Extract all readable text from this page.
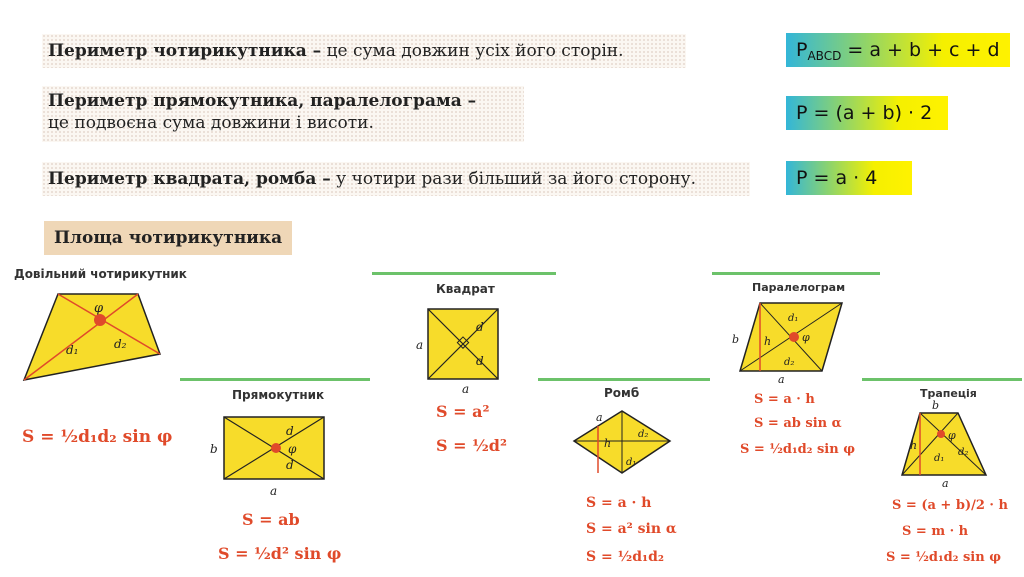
Периметр чотирикутника – це сума довжин усіх його сторін.
Периметр прямокутника, паралелограма –
це подвоєна сума довжини і висоти.
Периметр квадрата, ромба – у чотири рази більший за його сторону.
$P_{ABCD} = a + b + c + d$
P = (a + b) · 2
P = a · 4
Площа чотирикутника
Довільний чотирикутник
φ
d₁	d₂
S = ½d₁d₂ sin φ
Квадрат
a
a
d
d
S = a²
S = ½d²
Паралелограм
b h
a
d₁
d₂
φ
S = a · h
S = ab sin α
S = ½d₁d₂ sin φ
Прямокутник
b
a
d
d
φ
S = ab
S = ½d² sin φ
Ромб
a
h
d₂
d₁
S = a · h
S = a² sin α
S = ½d₁d₂
Трапеція
b
a
h
d₁
d₂
φ
S = (a + b)/2 · h
S = m · h
S = ½d₁d₂ sin φ
